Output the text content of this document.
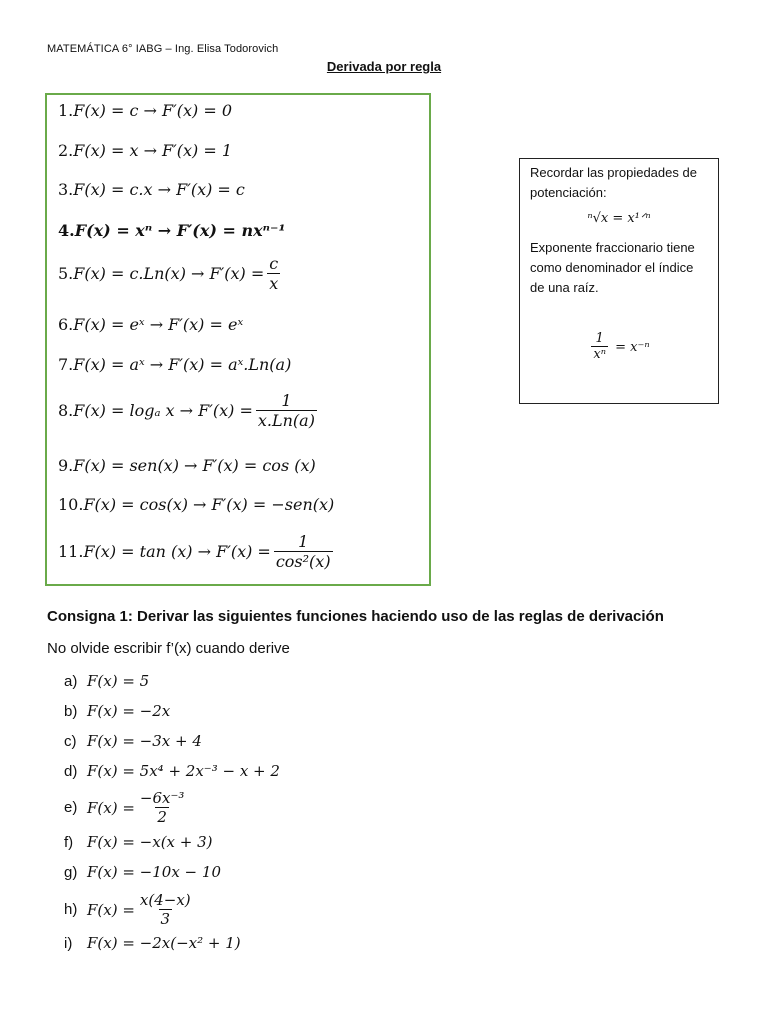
MATEMÁTICA 6° IABG – Ing. Elisa Todorovich
Derivada por regla
1. F(x) = c → F′(x) = 0
2. F(x) = x → F′(x) = 1
3. F(x) = c.x → F′(x) = c
4. F(x) = xⁿ → F′(x) = nxⁿ⁻¹
5. $F(x) = c.Ln(x) \to F'(x) = \frac{c}{x}$
6. F(x) = eˣ → F′(x) = eˣ
7. F(x) = aˣ → F′(x) = aˣ.Ln(a)
8. F(x) = logₐ $x \to F'(x) = \frac{1}{x.Ln(a)}$
9. F(x) = sen(x) → F′(x) = cos (x)
10. F(x) = cos(x) → F′(x) = −sen(x)
11. $F(x) = \tan (x) \to F'(x) = \frac{1}{\text{cos²(x)}}$
Recordar las propiedades de potenciación:
ⁿ√x = x¹ᐟⁿ
Exponente fraccionario tiene como denominador el índice de una raíz.
$\frac{1}{\text{xⁿ}} = x^{-n}$
Consigna 1: Derivar las siguientes funciones haciendo uso de las reglas de derivación
No olvide escribir f’(x) cuando derive
a) F(x) = 5
b) F(x) = −2x
c) F(x) = −3x + 4
d) F(x) = 5x⁴ + 2x⁻³ − x + 2
e) $F(x) = \frac{\text{−6x⁻³}}{2}$
f) F(x) = −x(x + 3)
g) F(x) = −10x − 10
h) $F(x) = \frac{x(4-x)}{3}$
i) F(x) = −2x(−x² + 1)
